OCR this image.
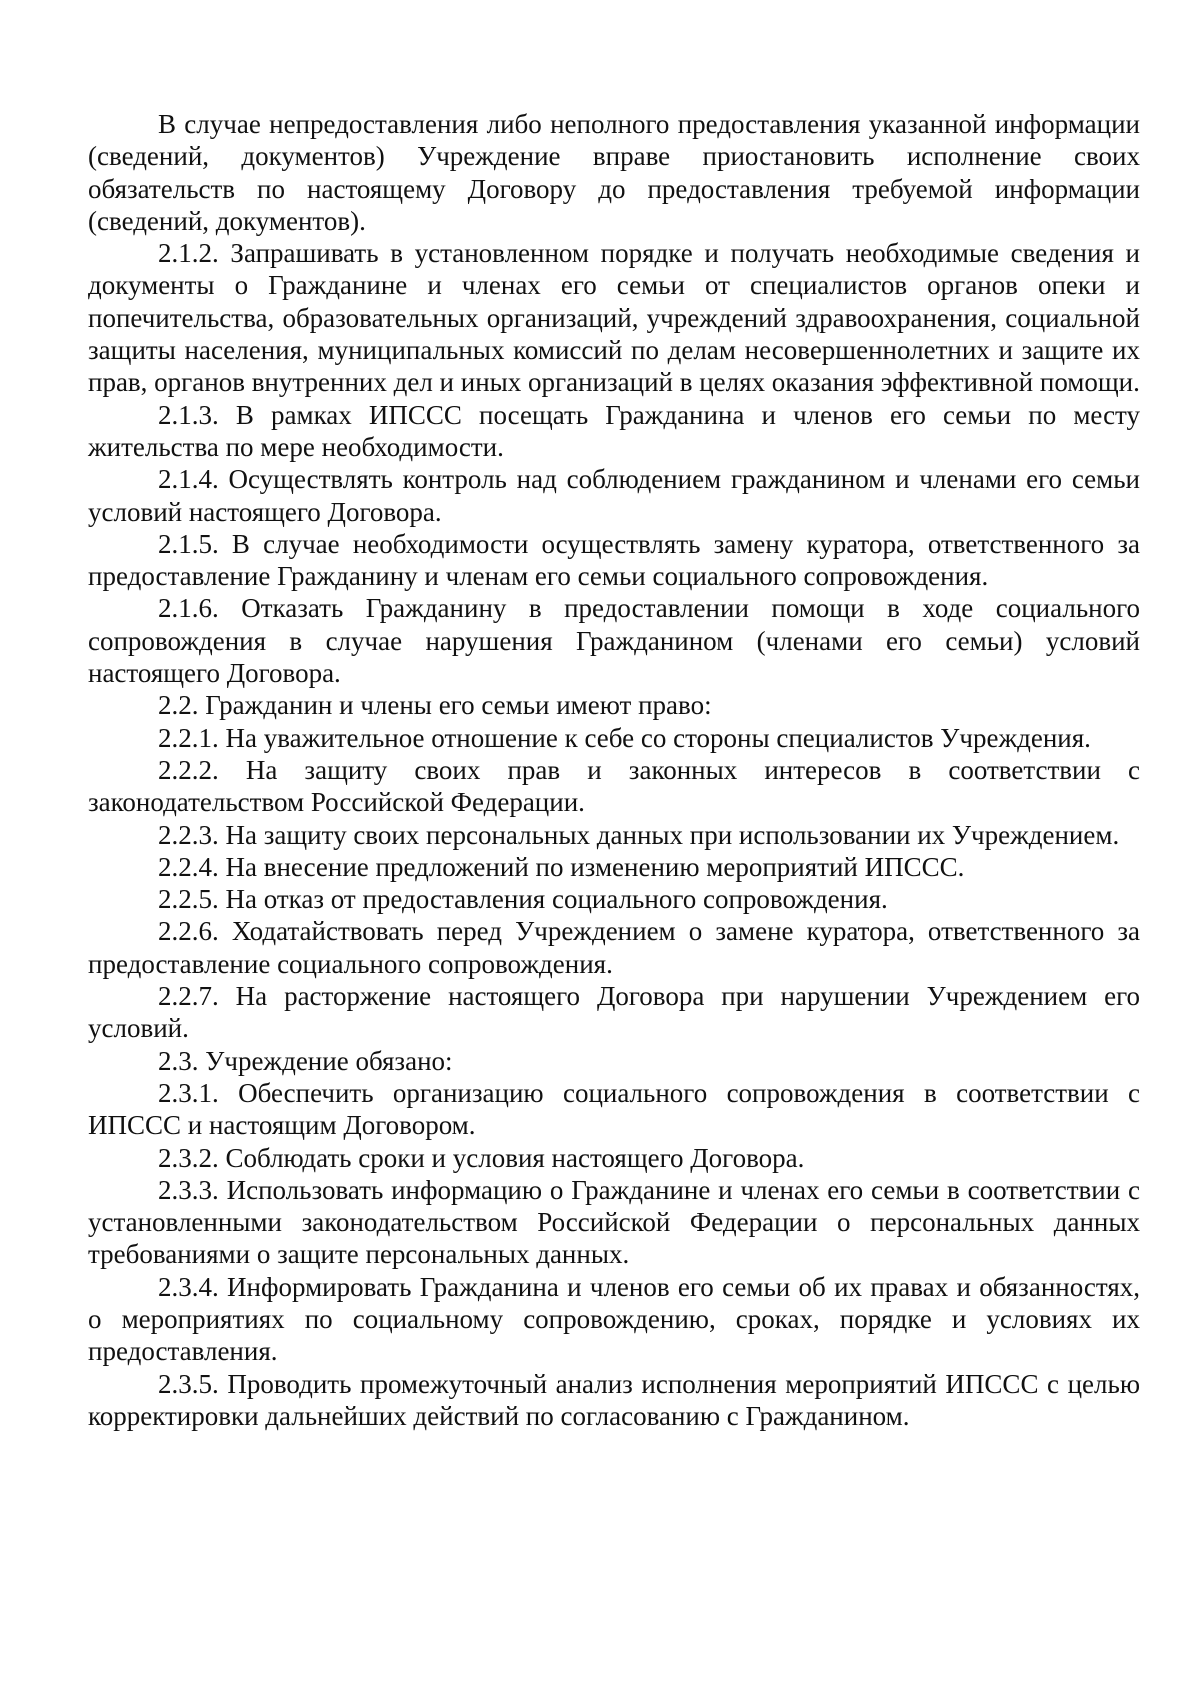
В случае непредоставления либо неполного предоставления указанной информации (сведений, документов) Учреждение вправе приостановить исполнение своих обязательств по настоящему Договору до предоставления требуемой информации (сведений, документов).

2.1.2. Запрашивать в установленном порядке и получать необходимые сведения и документы о Гражданине и членах его семьи от специалистов органов опеки и попечительства, образовательных организаций, учреждений здравоохранения, социальной защиты населения, муниципальных комиссий по делам несовершеннолетних и защите их прав, органов внутренних дел и иных организаций в целях оказания эффективной помощи.

2.1.3. В рамках ИПССС посещать Гражданина и членов его семьи по месту жительства по мере необходимости.

2.1.4. Осуществлять контроль над соблюдением гражданином и членами его семьи условий настоящего Договора.

2.1.5. В случае необходимости осуществлять замену куратора, ответственного за предоставление Гражданину и членам его семьи социального сопровождения.

2.1.6. Отказать Гражданину в предоставлении помощи в ходе социального сопровождения в случае нарушения Гражданином (членами его семьи) условий настоящего Договора.

2.2. Гражданин и члены его семьи имеют право:

2.2.1. На уважительное отношение к себе со стороны специалистов Учреждения.

2.2.2. На защиту своих прав и законных интересов в соответствии с законодательством Российской Федерации.

2.2.3. На защиту своих персональных данных при использовании их Учреждением.

2.2.4. На внесение предложений по изменению мероприятий ИПССС.

2.2.5. На отказ от предоставления социального сопровождения.

2.2.6. Ходатайствовать перед Учреждением о замене куратора, ответственного за предоставление социального сопровождения.

2.2.7. На расторжение настоящего Договора при нарушении Учреждением его условий.

2.3. Учреждение обязано:

2.3.1. Обеспечить организацию социального сопровождения в соответствии с ИПССС и настоящим Договором.

2.3.2. Соблюдать сроки и условия настоящего Договора.

2.3.3. Использовать информацию о Гражданине и членах его семьи в соответствии с установленными законодательством Российской Федерации о персональных данных требованиями о защите персональных данных.

2.3.4. Информировать Гражданина и членов его семьи об их правах и обязанностях, о мероприятиях по социальному сопровождению, сроках, порядке и условиях их предоставления.

2.3.5. Проводить промежуточный анализ исполнения мероприятий ИПССС с целью корректировки дальнейших действий по согласованию с Гражданином.
